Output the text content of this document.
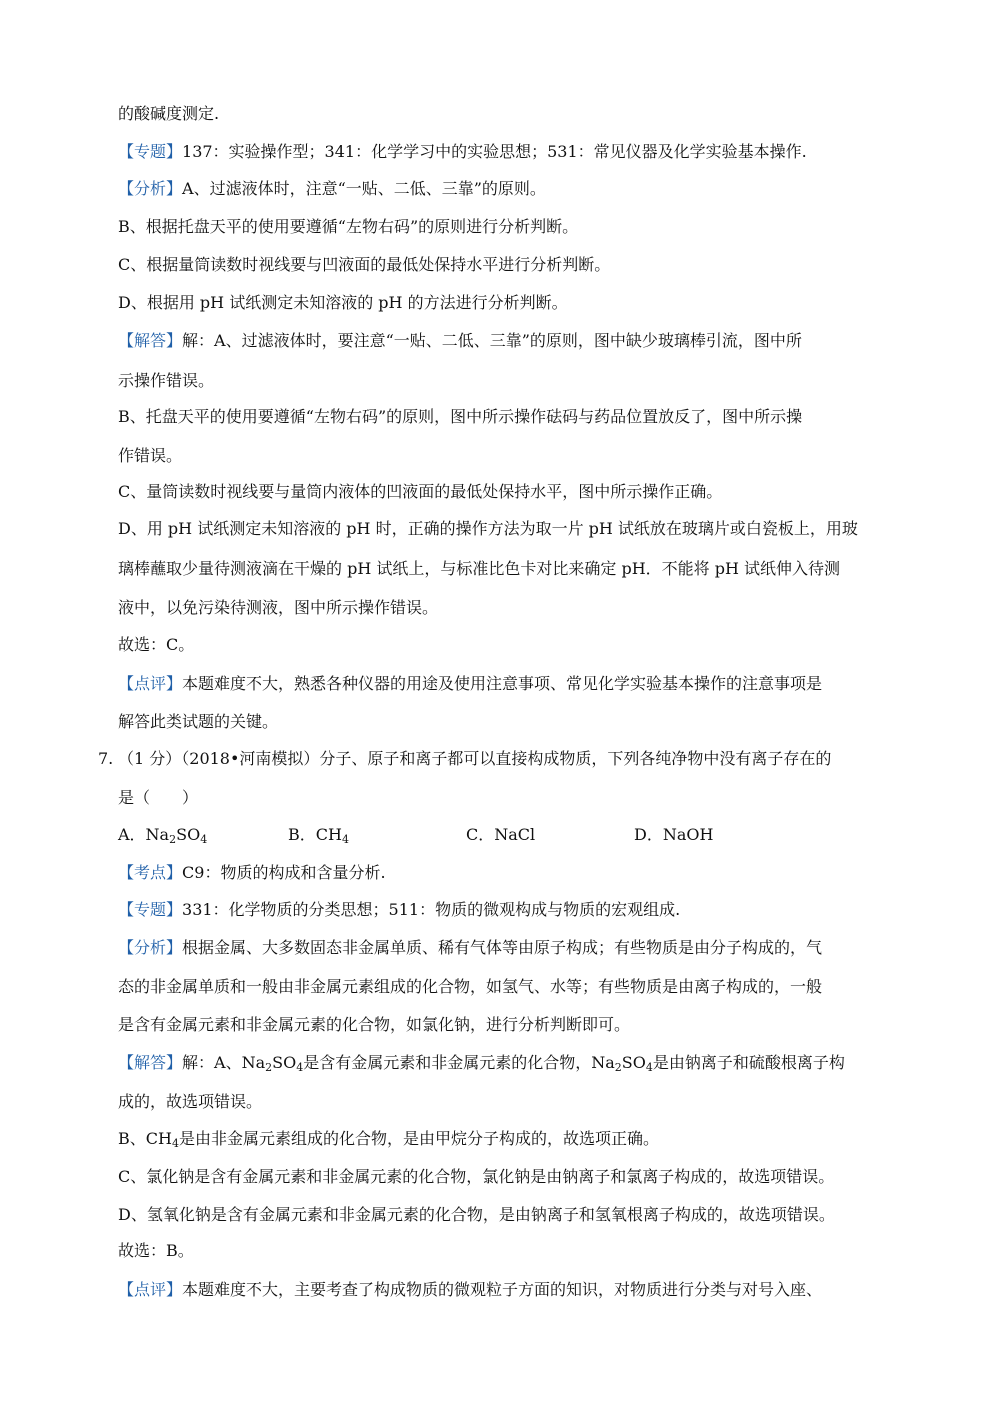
的酸碱度测定.
【专题】137：实验操作型；341：化学学习中的实验思想；531：常见仪器及化学实验基本操作.
【分析】A、过滤液体时，注意“一贴、二低、三靠”的原则。
B、根据托盘天平的使用要遵循“左物右码”的原则进行分析判断。
C、根据量筒读数时视线要与凹液面的最低处保持水平进行分析判断。
D、根据用 pH 试纸测定未知溶液的 pH 的方法进行分析判断。
【解答】解：A、过滤液体时，要注意“一贴、二低、三靠”的原则，图中缺少玻璃棒引流，图中所
示操作错误。
B、托盘天平的使用要遵循“左物右码”的原则，图中所示操作砝码与药品位置放反了，图中所示操
作错误。
C、量筒读数时视线要与量筒内液体的凹液面的最低处保持水平，图中所示操作正确。
D、用 pH 试纸测定未知溶液的 pH 时，正确的操作方法为取一片 pH 试纸放在玻璃片或白瓷板上，用玻
璃棒蘸取少量待测液滴在干燥的 pH 试纸上，与标准比色卡对比来确定 pH．不能将 pH 试纸伸入待测
液中，以免污染待测液，图中所示操作错误。
故选：C。
【点评】本题难度不大，熟悉各种仪器的用途及使用注意事项、常见化学实验基本操作的注意事项是
解答此类试题的关键。
7. （1 分）（2018•河南模拟）分子、原子和离子都可以直接构成物质，下列各纯净物中没有离子存在的
是（　　）
A．$Na_2SO_4$	B．$CH_4$	C．NaCl	D．NaOH
【考点】C9：物质的构成和含量分析.
【专题】331：化学物质的分类思想；511：物质的微观构成与物质的宏观组成.
【分析】根据金属、大多数固态非金属单质、稀有气体等由原子构成；有些物质是由分子构成的，气
态的非金属单质和一般由非金属元素组成的化合物，如氢气、水等；有些物质是由离子构成的，一般
是含有金属元素和非金属元素的化合物，如氯化钠，进行分析判断即可。
【解答】解：A、$Na_2SO_4$是含有金属元素和非金属元素的化合物，$Na_2SO_4$是由钠离子和硫酸根离子构
成的，故选项错误。
B、$CH_4$是由非金属元素组成的化合物，是由甲烷分子构成的，故选项正确。
C、氯化钠是含有金属元素和非金属元素的化合物，氯化钠是由钠离子和氯离子构成的，故选项错误。
D、氢氧化钠是含有金属元素和非金属元素的化合物，是由钠离子和氢氧根离子构成的，故选项错误。
故选：B。
【点评】本题难度不大，主要考查了构成物质的微观粒子方面的知识，对物质进行分类与对号入座、
